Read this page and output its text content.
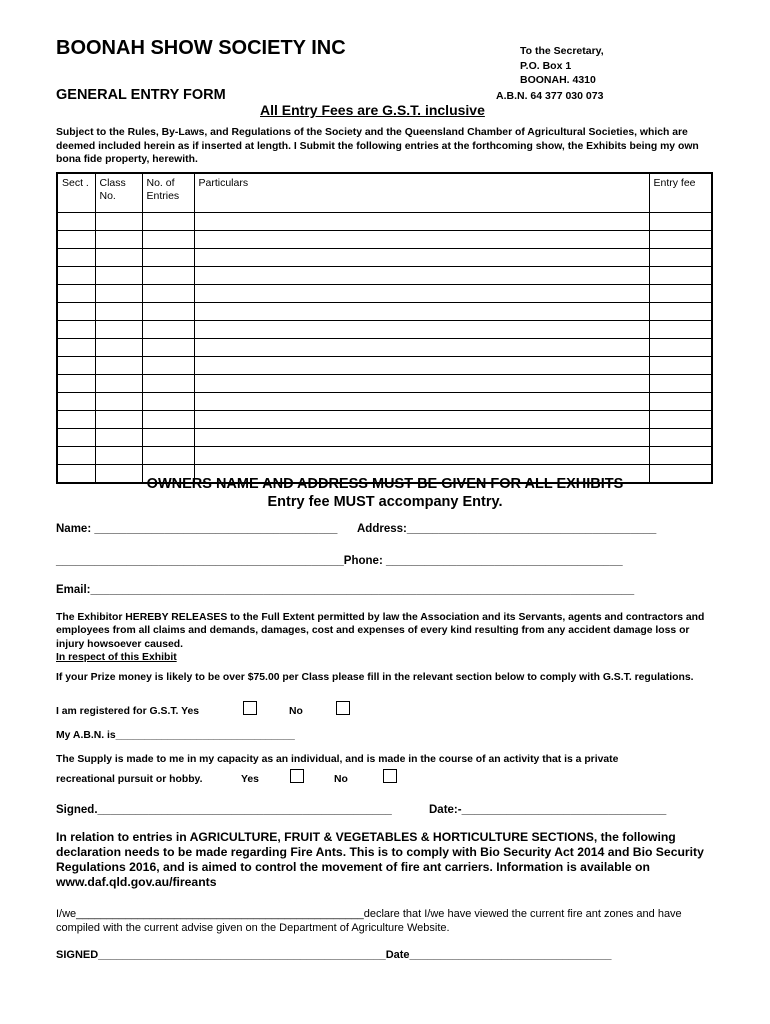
BOONAH SHOW SOCIETY INC
GENERAL ENTRY FORM
To the Secretary,
P.O. Box 1
BOONAH. 4310
A.B.N. 64 377 030 073
All Entry Fees are G.S.T. inclusive
Subject to the Rules, By-Laws, and Regulations of the Society and the Queensland Chamber of Agricultural Societies, which are deemed included herein as if inserted at length. I Submit the following entries at the forthcoming show, the Exhibits being my own bona fide property, herewith.
Sect .	Class No.	No. of Entries	Particulars	Entry fee

OWNERS NAME AND ADDRESS MUST BE GIVEN FOR ALL EXHIBITS
Entry fee MUST accompany Entry.
Name: ______________________________________ Address:_______________________________________
_____________________________________________Phone: _____________________________________
Email:_____________________________________________________________________________________
The Exhibitor HEREBY RELEASES to the Full Extent permitted by law the Association and its Servants, agents and contractors and employees from all claims and demands, damages, cost and expenses of every kind resulting from any accident damage loss or injury howsoever caused.
In respect of this Exhibit
If your Prize money is likely to be over $75.00 per Class please fill in the relevant section below to comply with G.S.T. regulations.
I am registered for G.S.T. Yes	No
My A.B.N. is_______________________________
The Supply is made to me in my capacity as an individual, and is made in the course of an activity that is a private
recreational pursuit or hobby.	Yes	No
Signed.______________________________________________	Date:-________________________________
In relation to entries in AGRICULTURE, FRUIT & VEGETABLES & HORTICULTURE SECTIONS, the following declaration needs to be made regarding Fire Ants. This is to comply with Bio Security Act 2014 and Bio Security Regulations 2016, and is aimed to control the movement of fire ant carriers. Information is available on www.daf.qld.gov.au/fireants
I/we_______________________________________________declare that I/we have viewed the current fire ant zones and have compiled with the current advise given on the Department of Agriculture Website.
SIGNED_______________________________________________Date_________________________________
